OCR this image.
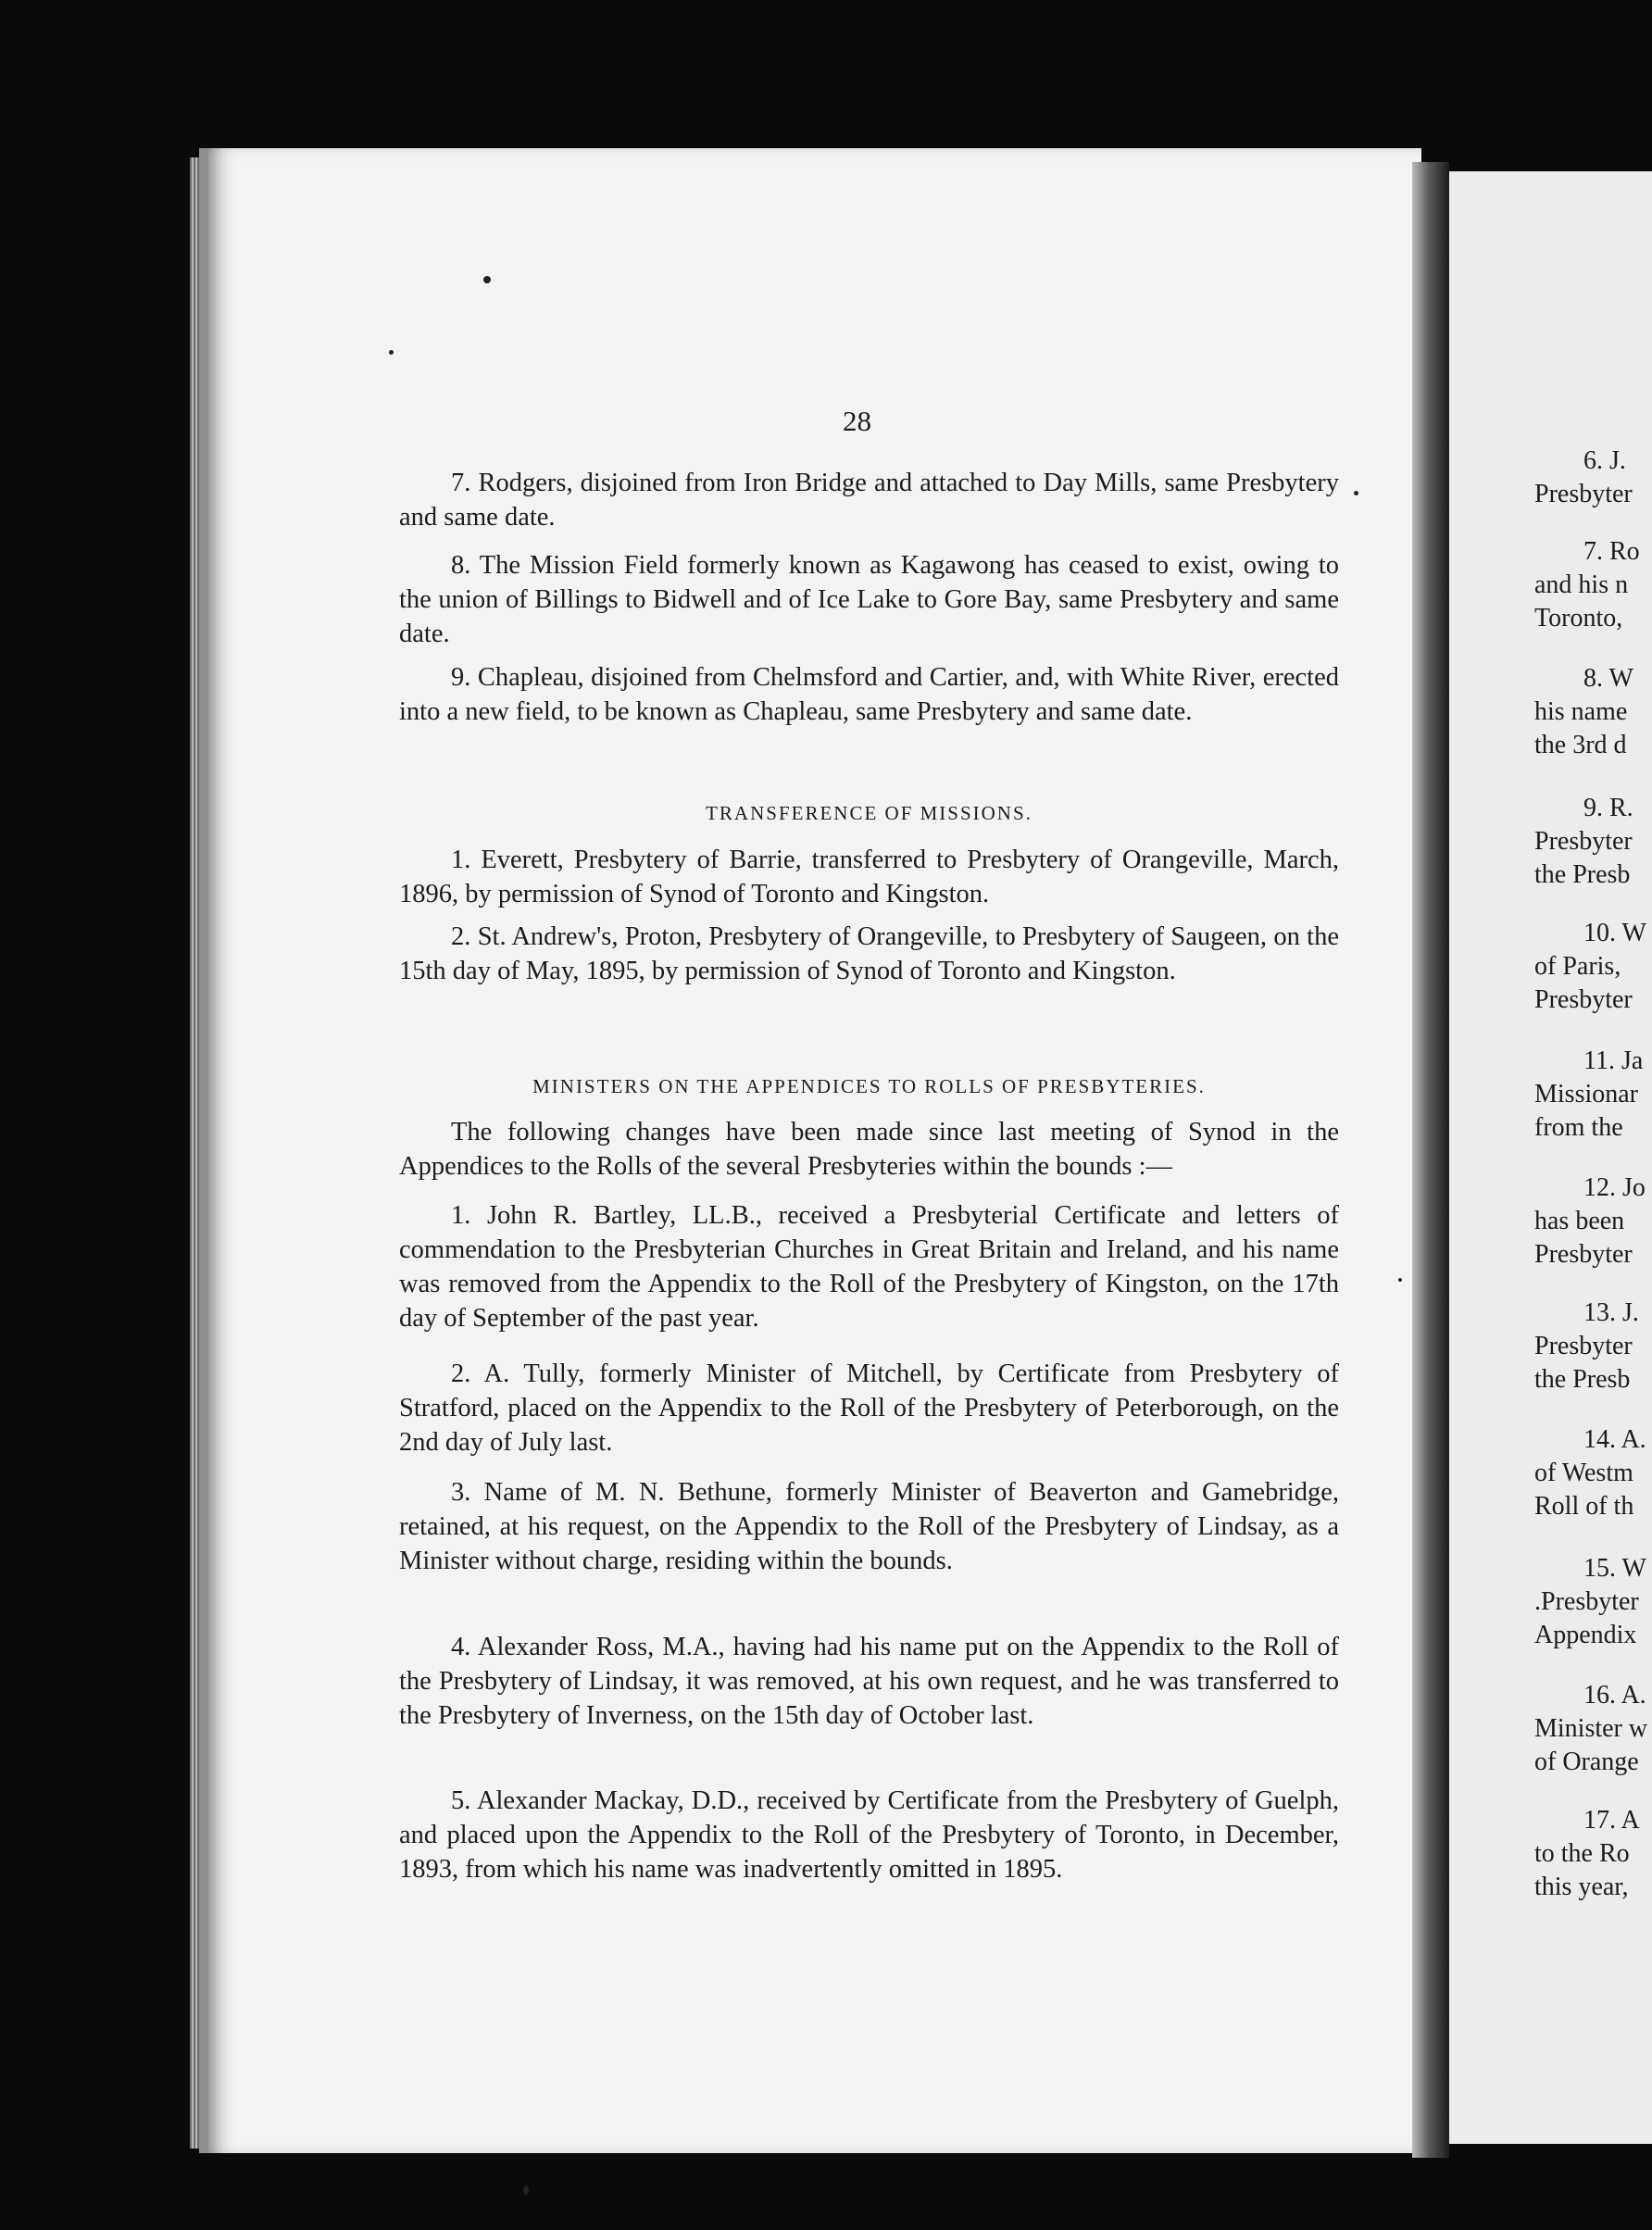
28

7. Rodgers, disjoined from Iron Bridge and attached to Day Mills, same Presbytery and same date.

8. The Mission Field formerly known as Kagawong has ceased to exist, owing to the union of Billings to Bidwell and of Ice Lake to Gore Bay, same Presbytery and same date.

9. Chapleau, disjoined from Chelmsford and Cartier, and, with White River, erected into a new field, to be known as Chapleau, same Presbytery and same date.

TRANSFERENCE OF MISSIONS.

1. Everett, Presbytery of Barrie, transferred to Presbytery of Orangeville, March, 1896, by permission of Synod of Toronto and Kingston.

2. St. Andrew's, Proton, Presbytery of Orangeville, to Presbytery of Saugeen, on the 15th day of May, 1895, by permission of Synod of Toronto and Kingston.

MINISTERS ON THE APPENDICES TO ROLLS OF PRESBYTERIES.

The following changes have been made since last meeting of Synod in the Appendices to the Rolls of the several Presbyteries within the bounds :—

1. John R. Bartley, LL.B., received a Presbyterial Certificate and letters of commendation to the Presbyterian Churches in Great Britain and Ireland, and his name was removed from the Appendix to the Roll of the Presbytery of Kingston, on the 17th day of September of the past year.

2. A. Tully, formerly Minister of Mitchell, by Certificate from Presbytery of Stratford, placed on the Appendix to the Roll of the Presbytery of Peterborough, on the 2nd day of July last.

3. Name of M. N. Bethune, formerly Minister of Beaverton and Gamebridge, retained, at his request, on the Appendix to the Roll of the Presbytery of Lindsay, as a Minister without charge, residing within the bounds.

4. Alexander Ross, M.A., having had his name put on the Appendix to the Roll of the Presbytery of Lindsay, it was removed, at his own request, and he was transferred to the Presbytery of Inverness, on the 15th day of October last.

5. Alexander Mackay, D.D., received by Certificate from the Presbytery of Guelph, and placed upon the Appendix to the Roll of the Presbytery of Toronto, in December, 1893, from which his name was inadvertently omitted in 1895.

6. J.
Presbyter
7. Ro
and his n
Toronto,
8. W
his name
the 3rd d
9. R.
Presbyter
the Presb
10. W
of Paris,
Presbyter
11. Ja
Missionar
from the
12. Jo
has been
Presbyter
13. J.
Presbyter
the Presb
14. A.
of Westm
Roll of th
15. W
.Presbyter
Appendix
16. A.
Minister w
of Orange
17. A
to the Ro
this year,
